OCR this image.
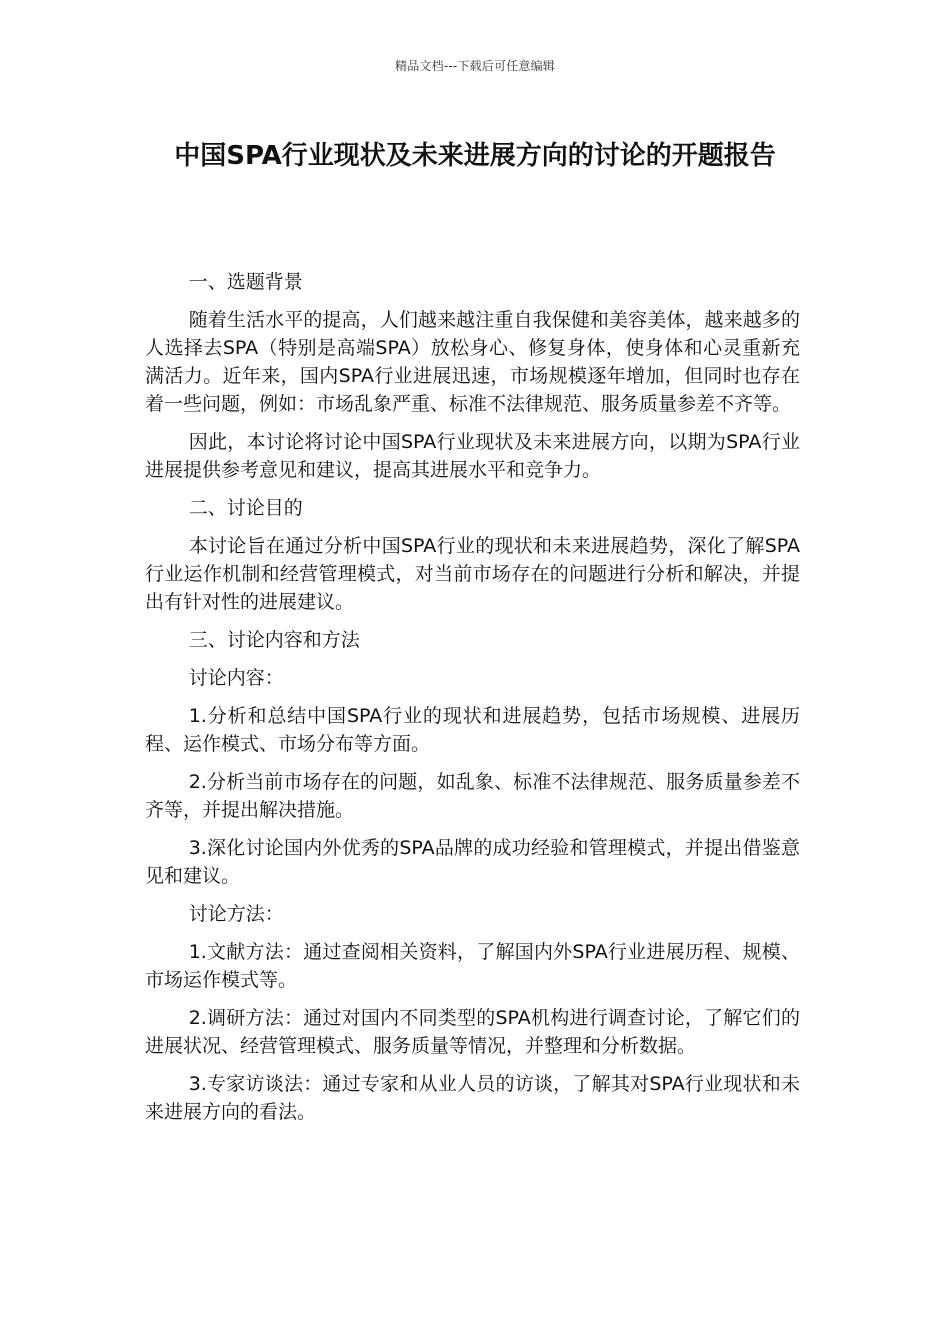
精品文档---下载后可任意编辑
中国SPA行业现状及未来进展方向的讨论的开题报告

一、选题背景

随着生活水平的提高，人们越来越注重自我保健和美容美体，越来越多的人选择去SPA（特别是高端SPA）放松身心、修复身体，使身体和心灵重新充满活力。近年来，国内SPA行业进展迅速，市场规模逐年增加，但同时也存在着一些问题，例如：市场乱象严重、标准不法律规范、服务质量参差不齐等。

因此，本讨论将讨论中国SPA行业现状及未来进展方向，以期为SPA行业进展提供参考意见和建议，提高其进展水平和竞争力。

二、讨论目的

本讨论旨在通过分析中国SPA行业的现状和未来进展趋势，深化了解SPA行业运作机制和经营管理模式，对当前市场存在的问题进行分析和解决，并提出有针对性的进展建议。

三、讨论内容和方法

讨论内容：

1.分析和总结中国SPA行业的现状和进展趋势，包括市场规模、进展历程、运作模式、市场分布等方面。

2.分析当前市场存在的问题，如乱象、标准不法律规范、服务质量参差不齐等，并提出解决措施。

3.深化讨论国内外优秀的SPA品牌的成功经验和管理模式，并提出借鉴意见和建议。

讨论方法：

1.文献方法：通过查阅相关资料，了解国内外SPA行业进展历程、规模、市场运作模式等。

2.调研方法：通过对国内不同类型的SPA机构进行调查讨论，了解它们的进展状况、经营管理模式、服务质量等情况，并整理和分析数据。

3.专家访谈法：通过专家和从业人员的访谈，了解其对SPA行业现状和未来进展方向的看法。
